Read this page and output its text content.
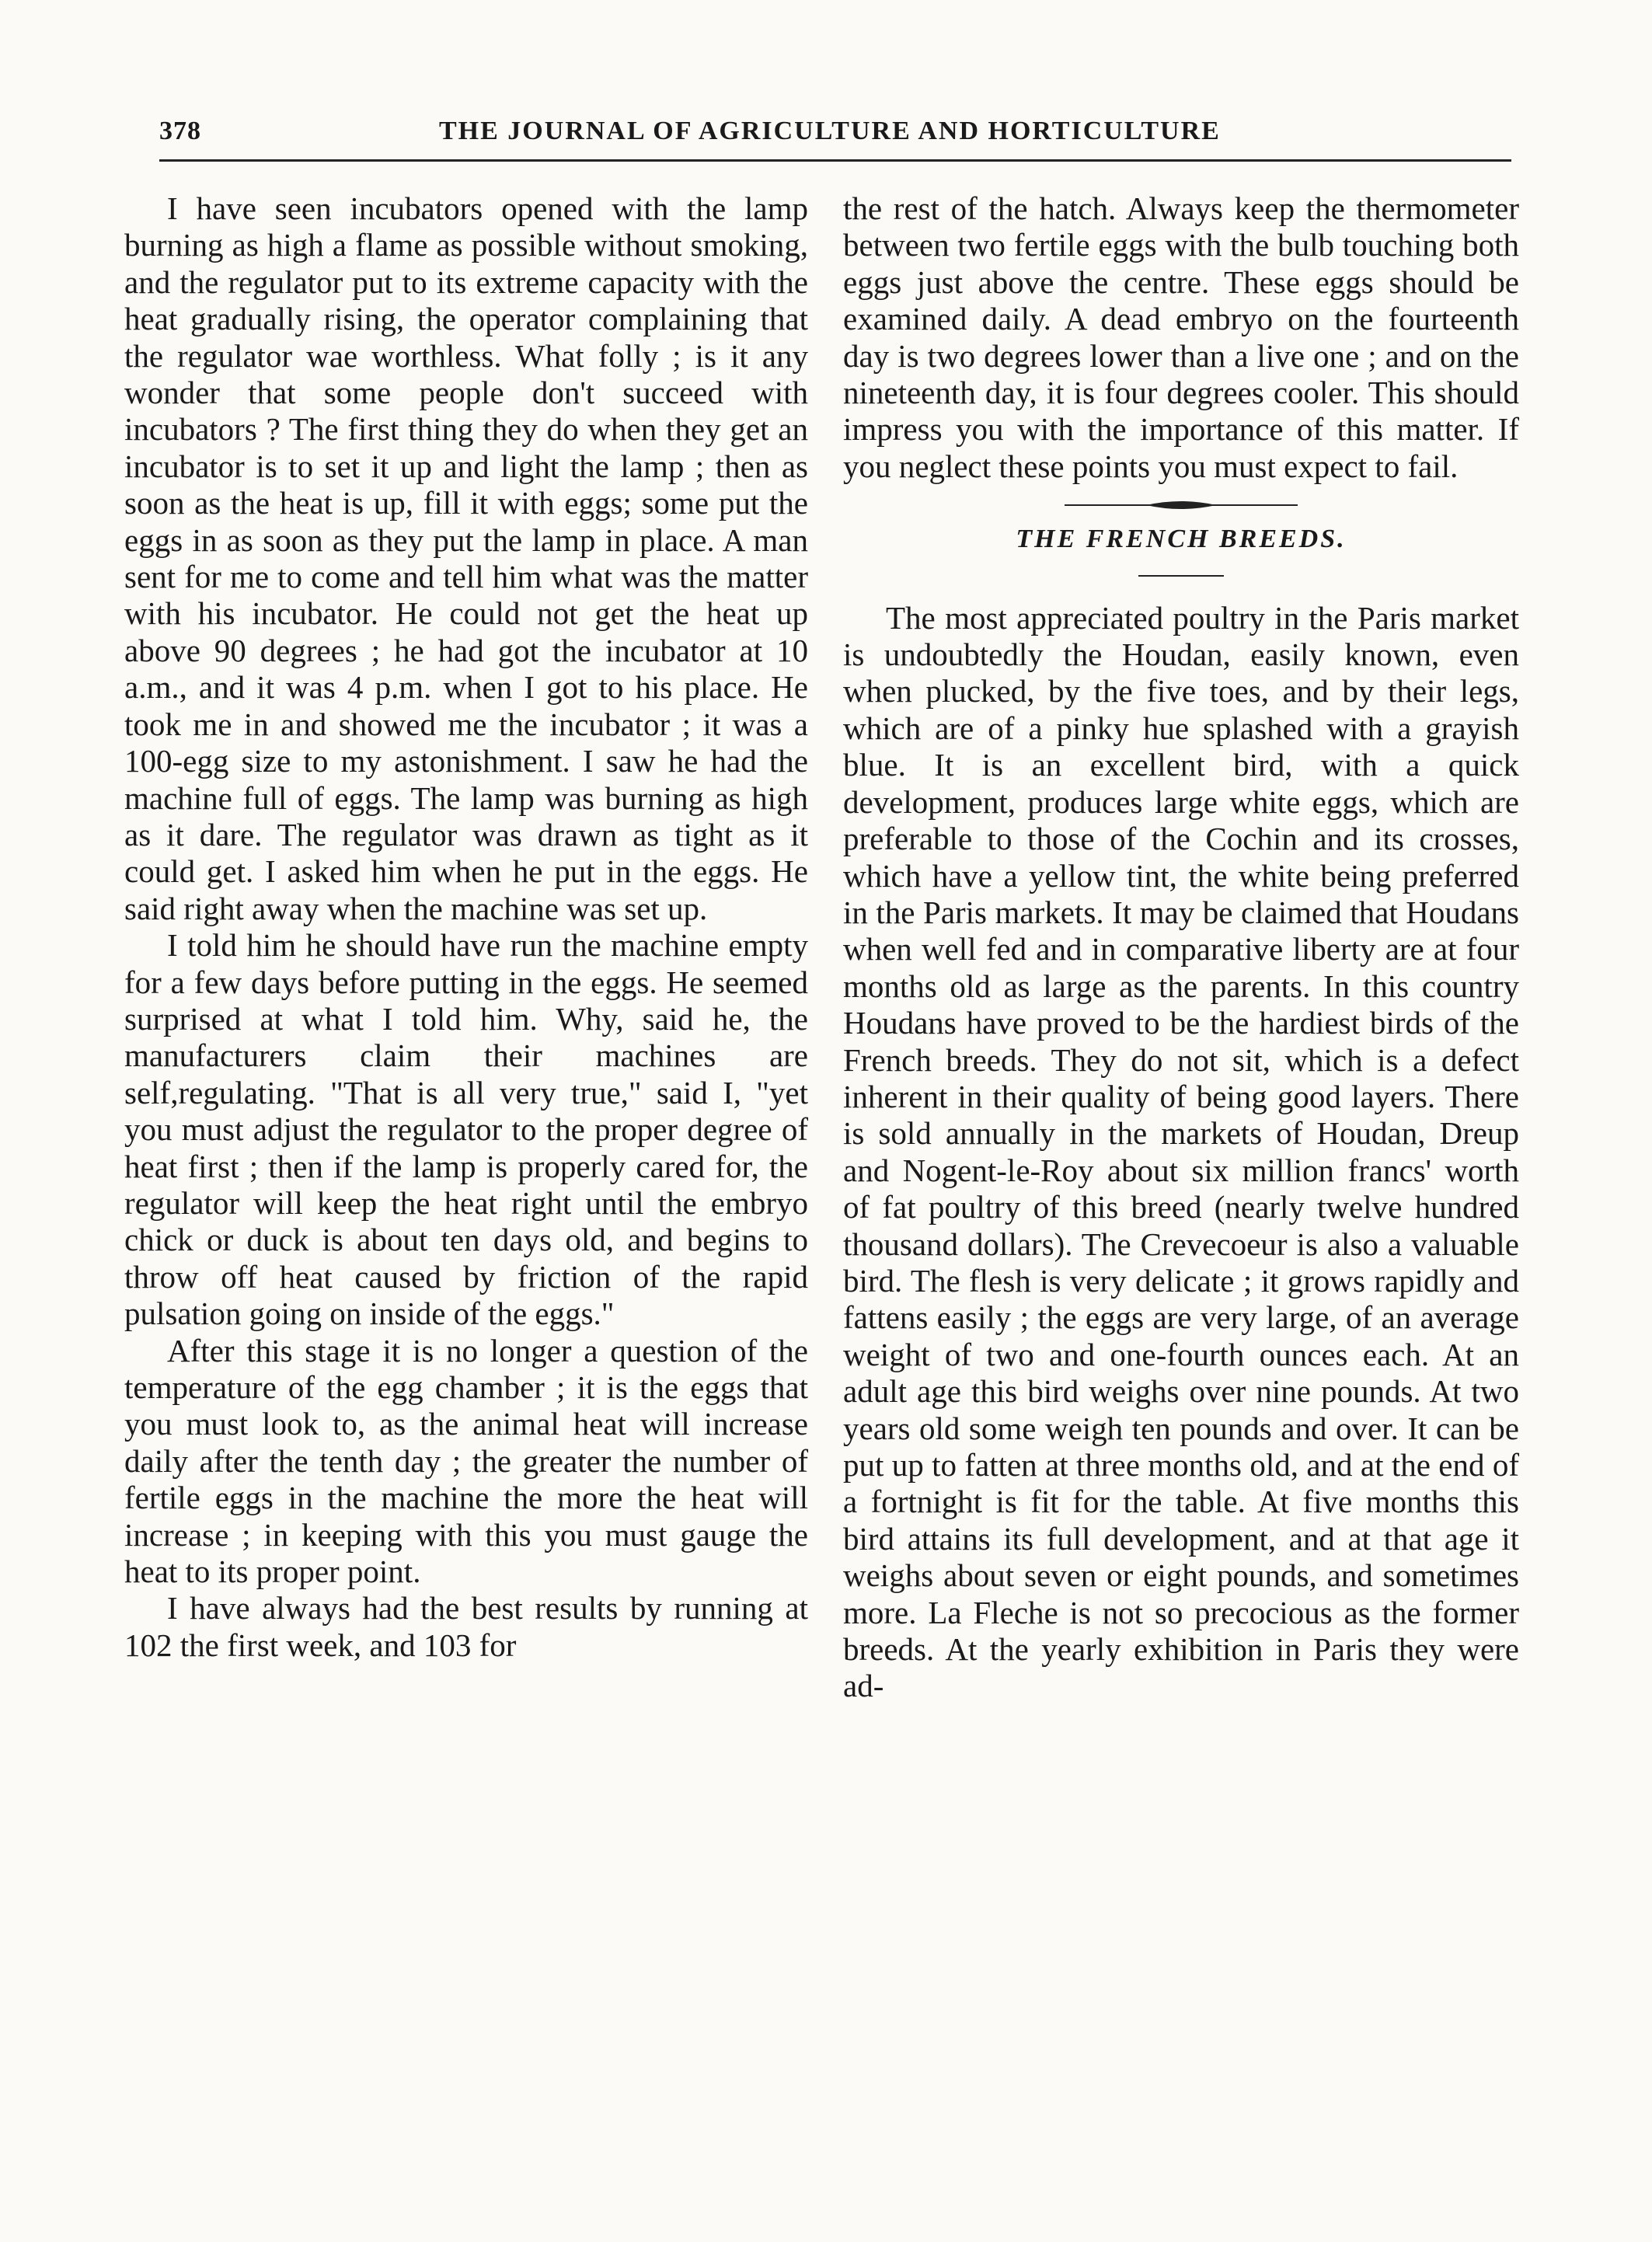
378	THE JOURNAL OF AGRICULTURE AND HORTICULTURE

I have seen incubators opened with the lamp burning as high a flame as possible without smoking, and the regulator put to its extreme capacity with the heat gradually rising, the operator complaining that the regulator wae worthless. What folly ; is it any wonder that some people don't succeed with incubators ? The first thing they do when they get an incubator is to set it up and light the lamp ; then as soon as the heat is up, fill it with eggs; some put the eggs in as soon as they put the lamp in place. A man sent for me to come and tell him what was the matter with his incubator. He could not get the heat up above 90 degrees ; he had got the incubator at 10 a.m., and it was 4 p.m. when I got to his place. He took me in and showed me the incubator ; it was a 100-egg size to my astonishment. I saw he had the machine full of eggs. The lamp was burning as high as it dare. The regulator was drawn as tight as it could get. I asked him when he put in the eggs. He said right away when the machine was set up.

I told him he should have run the machine empty for a few days before putting in the eggs. He seemed surprised at what I told him. Why, said he, the manufacturers claim their machines are self,regulating. "That is all very true," said I, "yet you must adjust the regulator to the proper degree of heat first ; then if the lamp is properly cared for, the regulator will keep the heat right until the embryo chick or duck is about ten days old, and begins to throw off heat caused by friction of the rapid pulsation going on inside of the eggs."

After this stage it is no longer a question of the temperature of the egg chamber ; it is the eggs that you must look to, as the animal heat will increase daily after the tenth day ; the greater the number of fertile eggs in the machine the more the heat will increase ; in keeping with this you must gauge the heat to its proper point.

I have always had the best results by running at 102 the first week, and 103 for

the rest of the hatch. Always keep the thermometer between two fertile eggs with the bulb touching both eggs just above the centre. These eggs should be examined daily. A dead embryo on the fourteenth day is two degrees lower than a live one ; and on the nineteenth day, it is four degrees cooler. This should impress you with the importance of this matter. If you neglect these points you must expect to fail.

THE FRENCH BREEDS.

The most appreciated poultry in the Paris market is undoubtedly the Houdan, easily known, even when plucked, by the five toes, and by their legs, which are of a pinky hue splashed with a grayish blue. It is an excellent bird, with a quick development, produces large white eggs, which are preferable to those of the Cochin and its crosses, which have a yellow tint, the white being preferred in the Paris markets. It may be claimed that Houdans when well fed and in comparative liberty are at four months old as large as the parents. In this country Houdans have proved to be the hardiest birds of the French breeds. They do not sit, which is a defect inherent in their quality of being good layers. There is sold annually in the markets of Houdan, Dreup and Nogent-le-Roy about six million francs' worth of fat poultry of this breed (nearly twelve hundred thousand dollars). The Crevecoeur is also a valuable bird. The flesh is very delicate ; it grows rapidly and fattens easily ; the eggs are very large, of an average weight of two and one-fourth ounces each. At an adult age this bird weighs over nine pounds. At two years old some weigh ten pounds and over. It can be put up to fatten at three months old, and at the end of a fortnight is fit for the table. At five months this bird attains its full development, and at that age it weighs about seven or eight pounds, and sometimes more. La Fleche is not so precocious as the former breeds. At the yearly exhibition in Paris they were ad-
